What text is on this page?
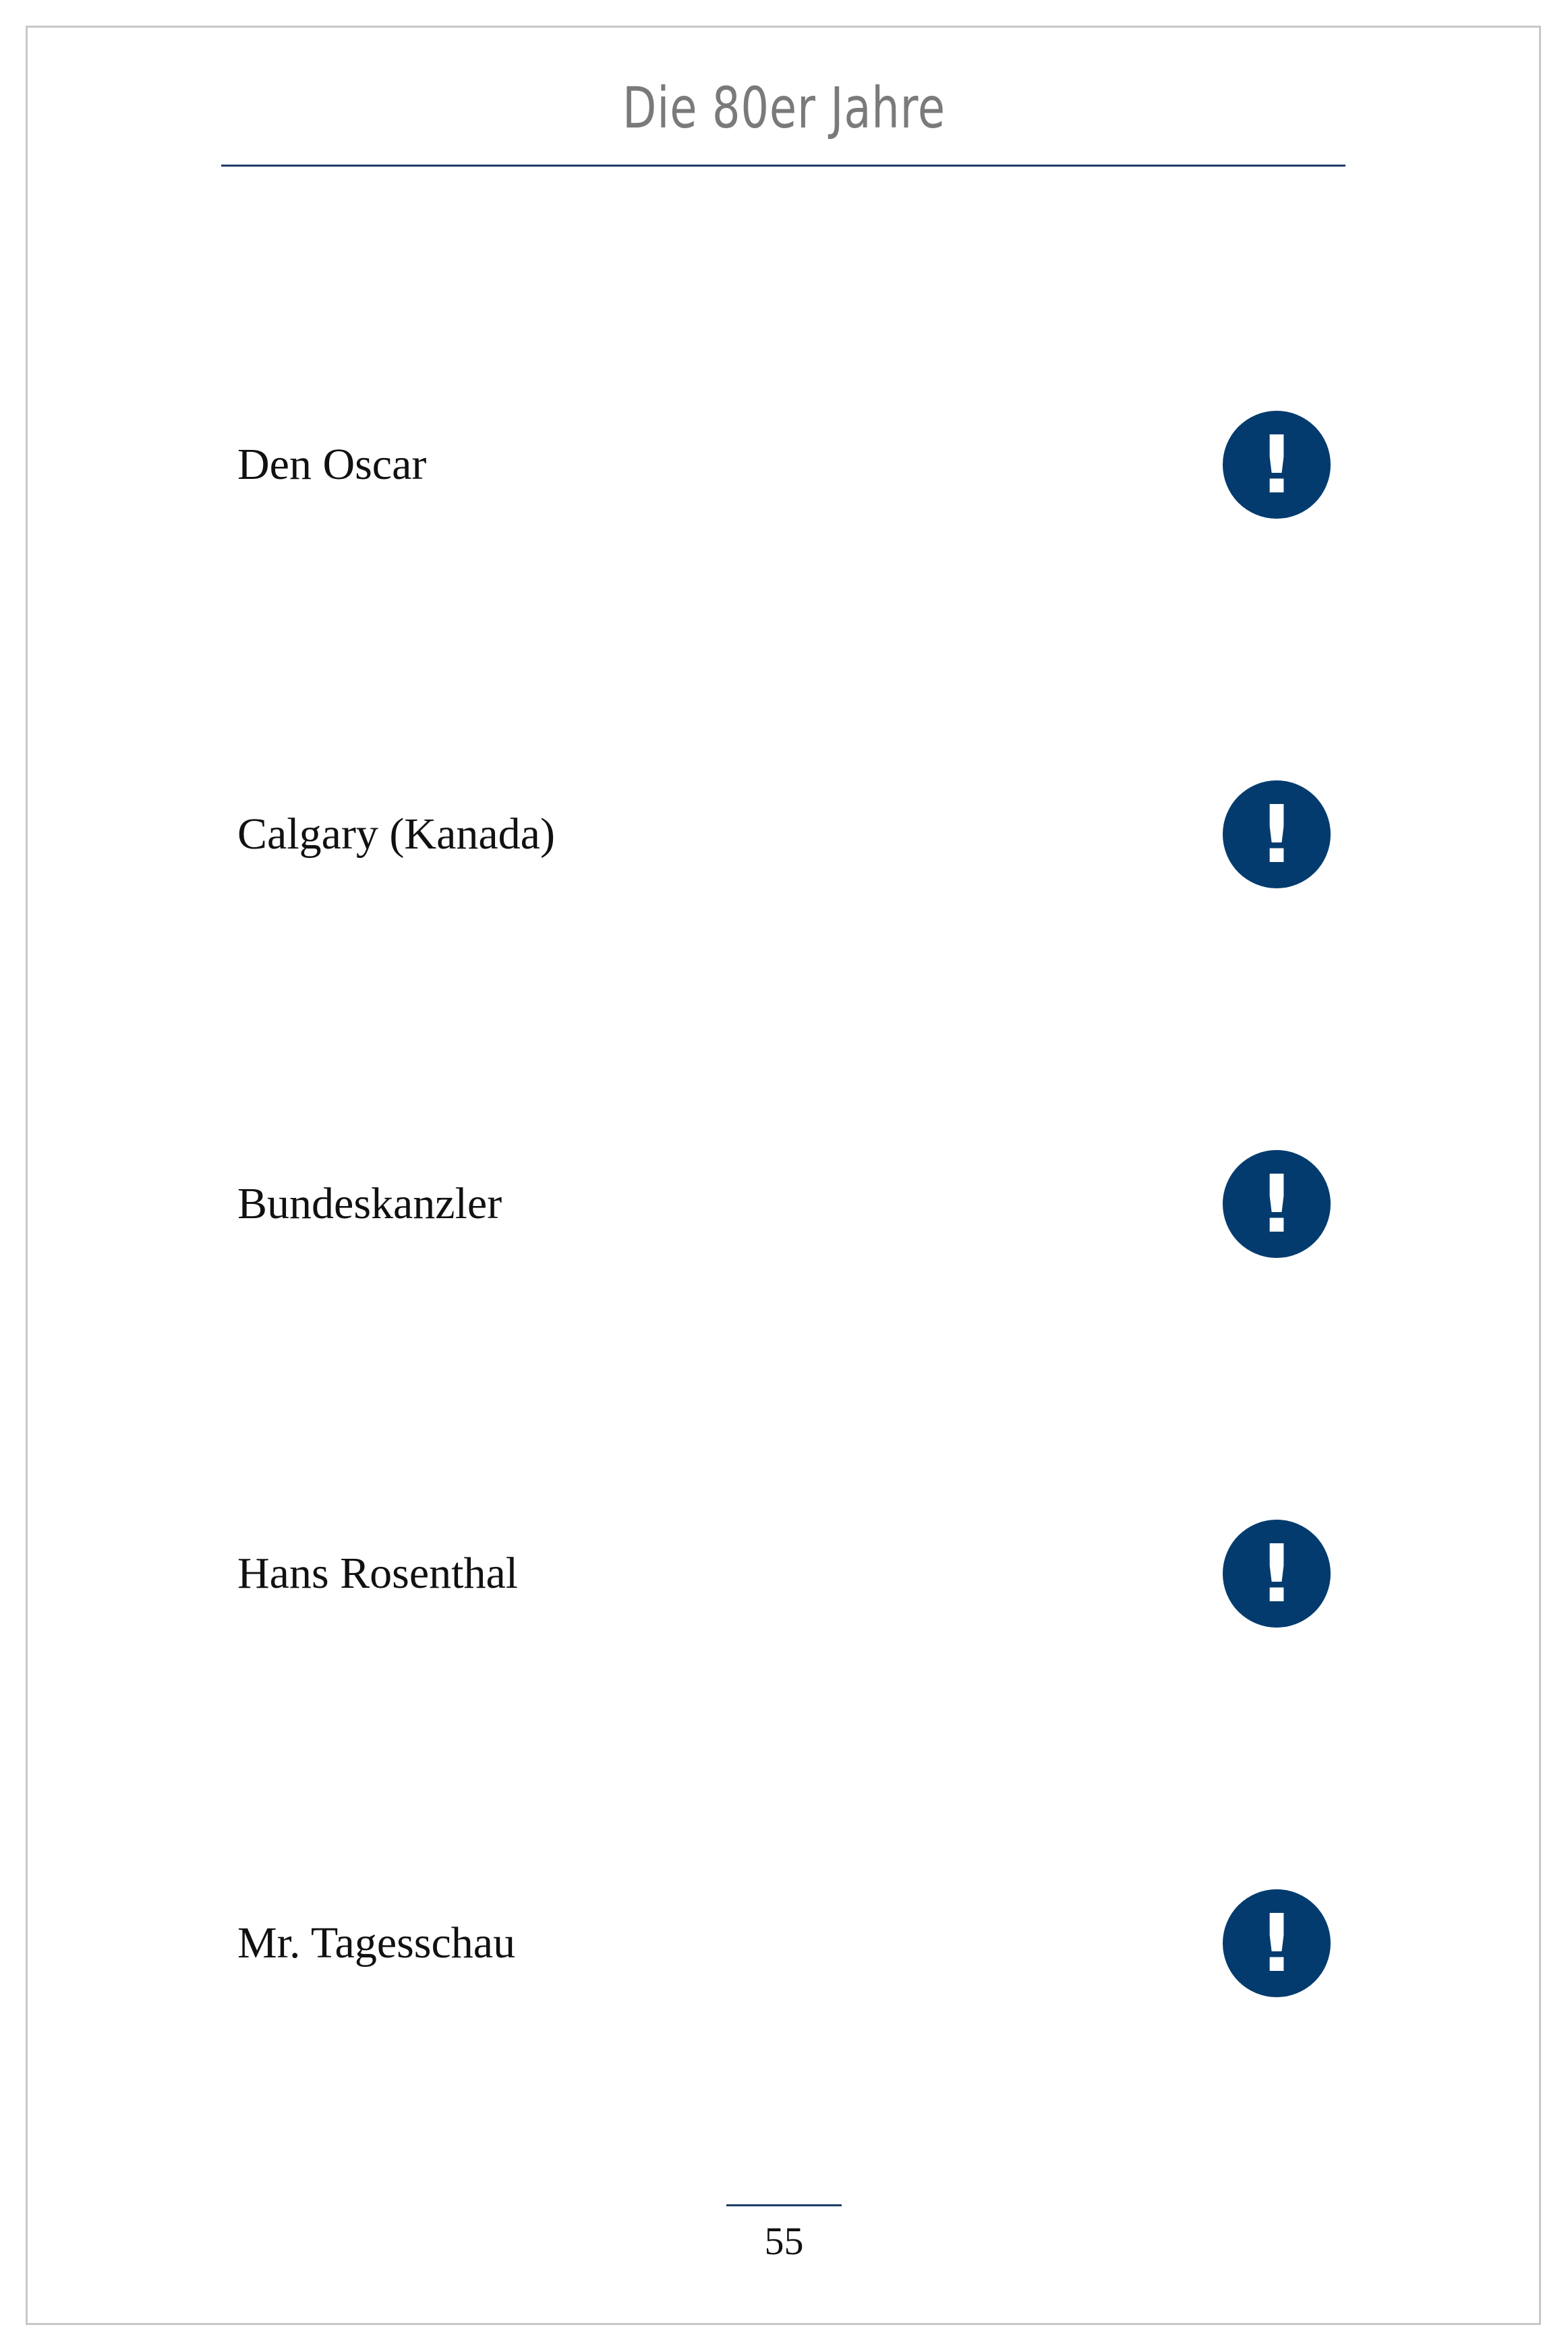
Die 80er Jahre
Den Oscar	!
Calgary (Kanada)	!
Bundeskanzler	!
Hans Rosenthal	!
Mr. Tagesschau	!
55
